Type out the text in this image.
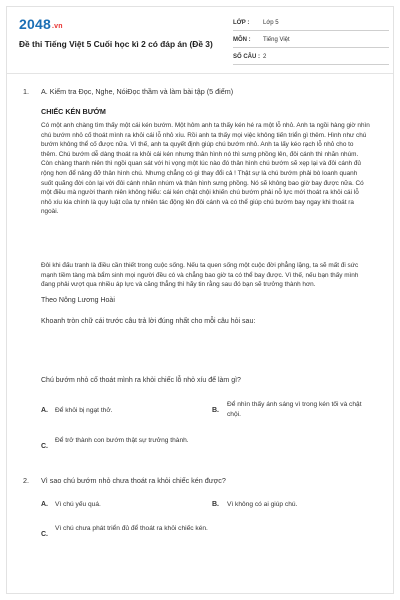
2048.vn
Đề thi Tiếng Việt 5 Cuối học kì 2 có đáp án (Đề 3)
LỚP : Lớp 5
MÔN : Tiếng Việt
SỐ CÂU : 2
1. A. Kiểm tra Đọc, Nghe, NóiĐọc thầm và làm bài tập (5 điểm)
CHIẾC KÉN BƯỚM
Có một anh chàng tìm thấy một cái kén bướm. Một hôm anh ta thấy kén hé ra một lỗ nhỏ. Anh ta ngồi hàng giờ nhìn chú bướm nhỏ cố thoát mình ra khỏi cái lỗ nhỏ xíu. Rồi anh ta thấy mọi việc không tiến triển gì thêm. Hình như chú bướm không thể cố được nữa. Vì thế, anh ta quyết định giúp chú bướm nhỏ. Anh ta lấy kéo rạch lỗ nhỏ cho to thêm. Chú bướm dễ dàng thoát ra khỏi cái kén nhưng thân hình nó thì sưng phồng lên, đôi cánh thì nhăn nhúm. Còn chàng thanh niên thì ngồi quan sát với hi vọng một lúc nào đó thân hình chú bướm sẽ xẹp lại và đôi cánh đủ rộng hơn để nâng đỡ thân hình chú. Nhưng chẳng có gì thay đổi cả ! Thật sự là chú bướm phải bò loanh quanh suốt quãng đời còn lại với đôi cánh nhăn nhúm và thân hình sưng phồng. Nó sẽ không bao giờ bay được nữa. Có một điều mà người thanh niên không hiểu: cái kén chật chội khiến chú bướm phải nỗ lực mới thoát ra khỏi cái lỗ nhỏ xíu kia chính là quy luật của tự nhiên tác động lên đôi cánh và có thể giúp chú bướm bay ngay khi thoát ra ngoài.
Đôi khi đấu tranh là điều cần thiết trong cuộc sống. Nếu ta quen sống một cuộc đời phẳng lặng, ta sẽ mất đi sức mạnh tiềm tàng mà bẩm sinh mọi người đều có và chẳng bao giờ ta có thể bay được. Vì thế, nếu bạn thấy mình đang phải vượt qua nhiều áp lực và căng thẳng thì hãy tin rằng sau đó bạn sẽ trưởng thành hơn.
Theo Nông Lương Hoài
Khoanh tròn chữ cái trước câu trả lời đúng nhất cho mỗi câu hỏi sau:
Chú bướm nhỏ cố thoát mình ra khỏi chiếc lỗ nhỏ xíu để làm gì?
A. Để khỏi bị ngạt thở.	B.
Để nhìn thấy ánh sáng vì trong kén tối và chật chội.
C.
Để trở thành con bướm thật sự trưởng thành.
2. Vì sao chú bướm nhỏ chưa thoát ra khỏi chiếc kén được?
A. Vì chú yếu quá.	B. Vì không có ai giúp chú.
C.
Vì chú chưa phát triển đủ để thoát ra khỏi chiếc kén.
